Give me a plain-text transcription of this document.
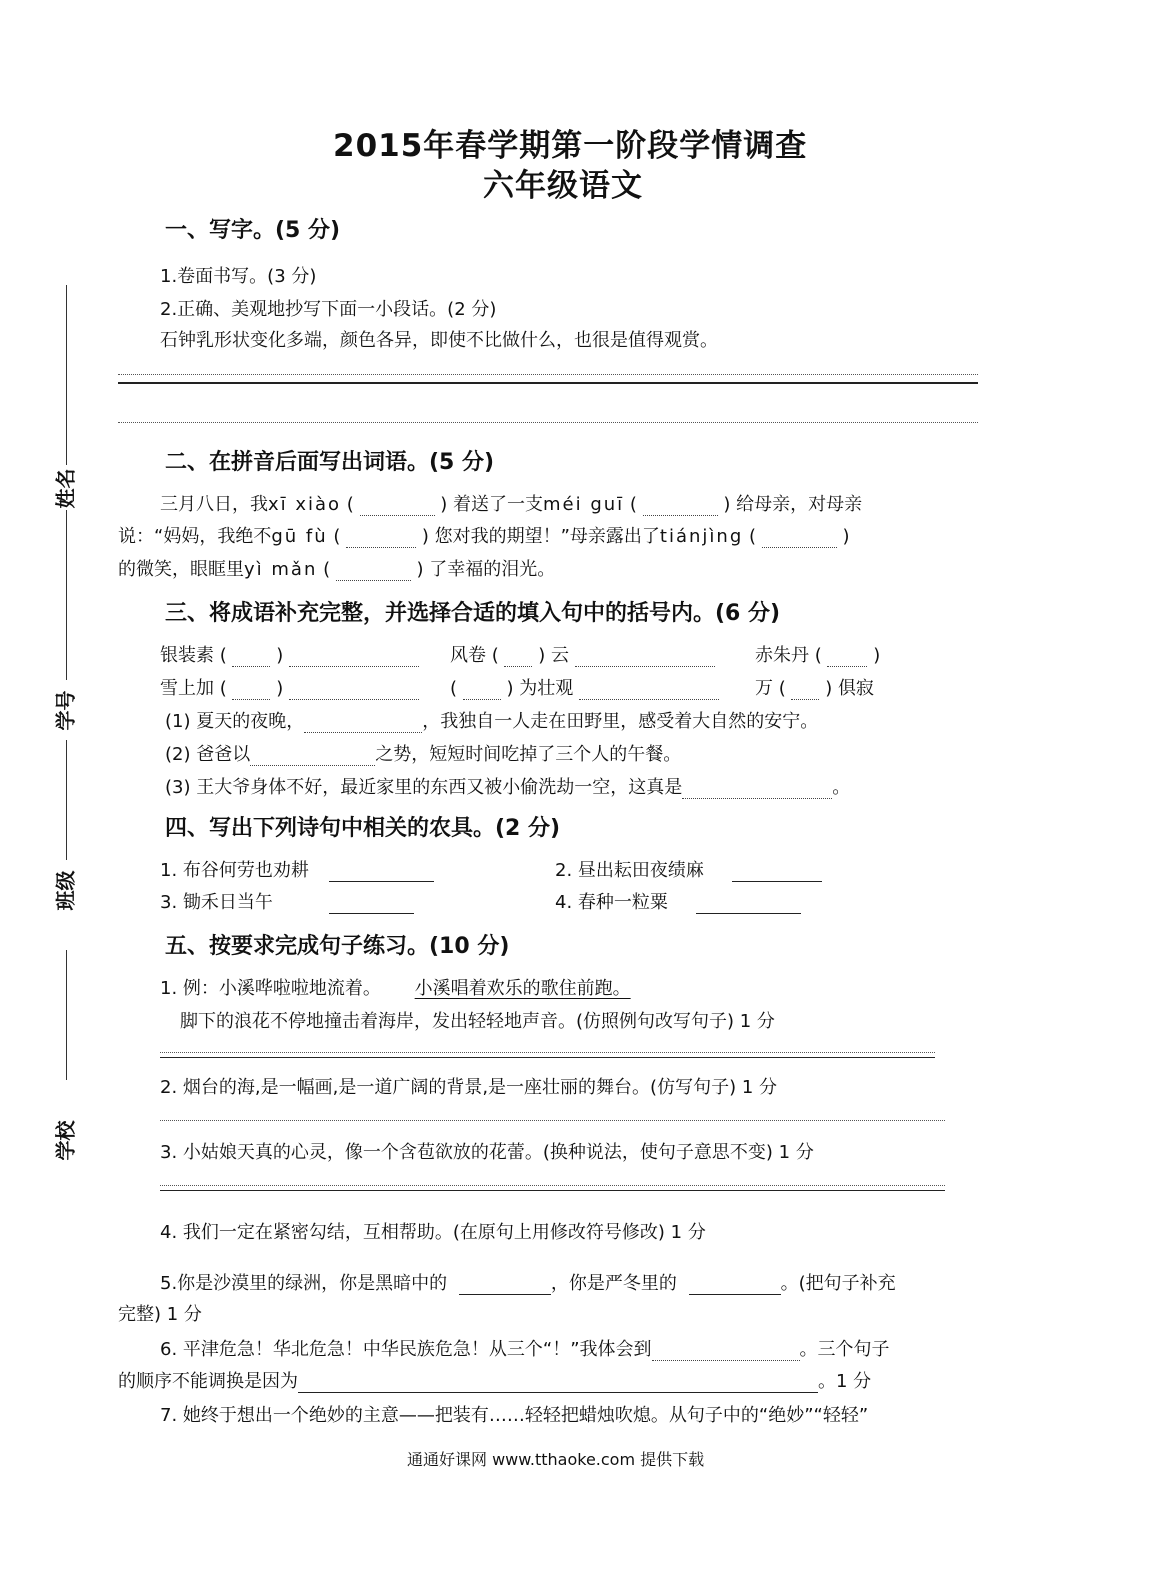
2015年春学期第一阶段学情调查
六年级语文
姓名
学号
班级
学校
一、写字。(5 分)
1.卷面书写。(3 分)
2.正确、美观地抄写下面一小段话。(2 分)
石钟乳形状变化多端，颜色各异，即使不比做什么，也很是值得观赏。
二、在拼音后面写出词语。(5 分)
三月八日，我xī xiào (	) 着送了一支méi guī (	) 给母亲，对母亲
说：“妈妈，我绝不gū fù (	) 您对我的期望！”母亲露出了tiánjìng (	)
的微笑，眼眶里yì mǎn (	) 了幸福的泪光。
三、将成语补充完整，并选择合适的填入句中的括号内。(6 分)
银装素 (  )	风卷 (  ) 云	赤朱丹 (  )
雪上加 (  )	(  ) 为壮观	万 (  ) 俱寂
(1) 夏天的夜晚，	，我独自一人走在田野里，感受着大自然的安宁。
(2) 爸爸以	之势，短短时间吃掉了三个人的午餐。
(3) 王大爷身体不好，最近家里的东西又被小偷洗劫一空，这真是	。
四、写出下列诗句中相关的农具。(2 分)
1. 布谷何劳也劝耕	2. 昼出耘田夜绩麻
3. 锄禾日当午	4. 春种一粒粟
五、按要求完成句子练习。(10 分)
1. 例：小溪哗啦啦地流着。 小溪唱着欢乐的歌住前跑。
脚下的浪花不停地撞击着海岸，发出轻轻地声音。(仿照例句改写句子) 1 分
2. 烟台的海,是一幅画,是一道广阔的背景,是一座壮丽的舞台。(仿写句子) 1 分
3. 小姑娘天真的心灵，像一个含苞欲放的花蕾。(换种说法，使句子意思不变) 1 分
4. 我们一定在紧密勾结，互相帮助。(在原句上用修改符号修改) 1 分
5.你是沙漠里的绿洲，你是黑暗中的	，你是严冬里的	。(把句子补充
完整) 1 分
6. 平津危急！华北危急！中华民族危急！从三个“！”我体会到	。三个句子
的顺序不能调换是因为	。1 分
7. 她终于想出一个绝妙的主意——把装有……轻轻把蜡烛吹熄。从句子中的“绝妙”“轻轻”
通通好课网 www.tthaoke.com 提供下载
